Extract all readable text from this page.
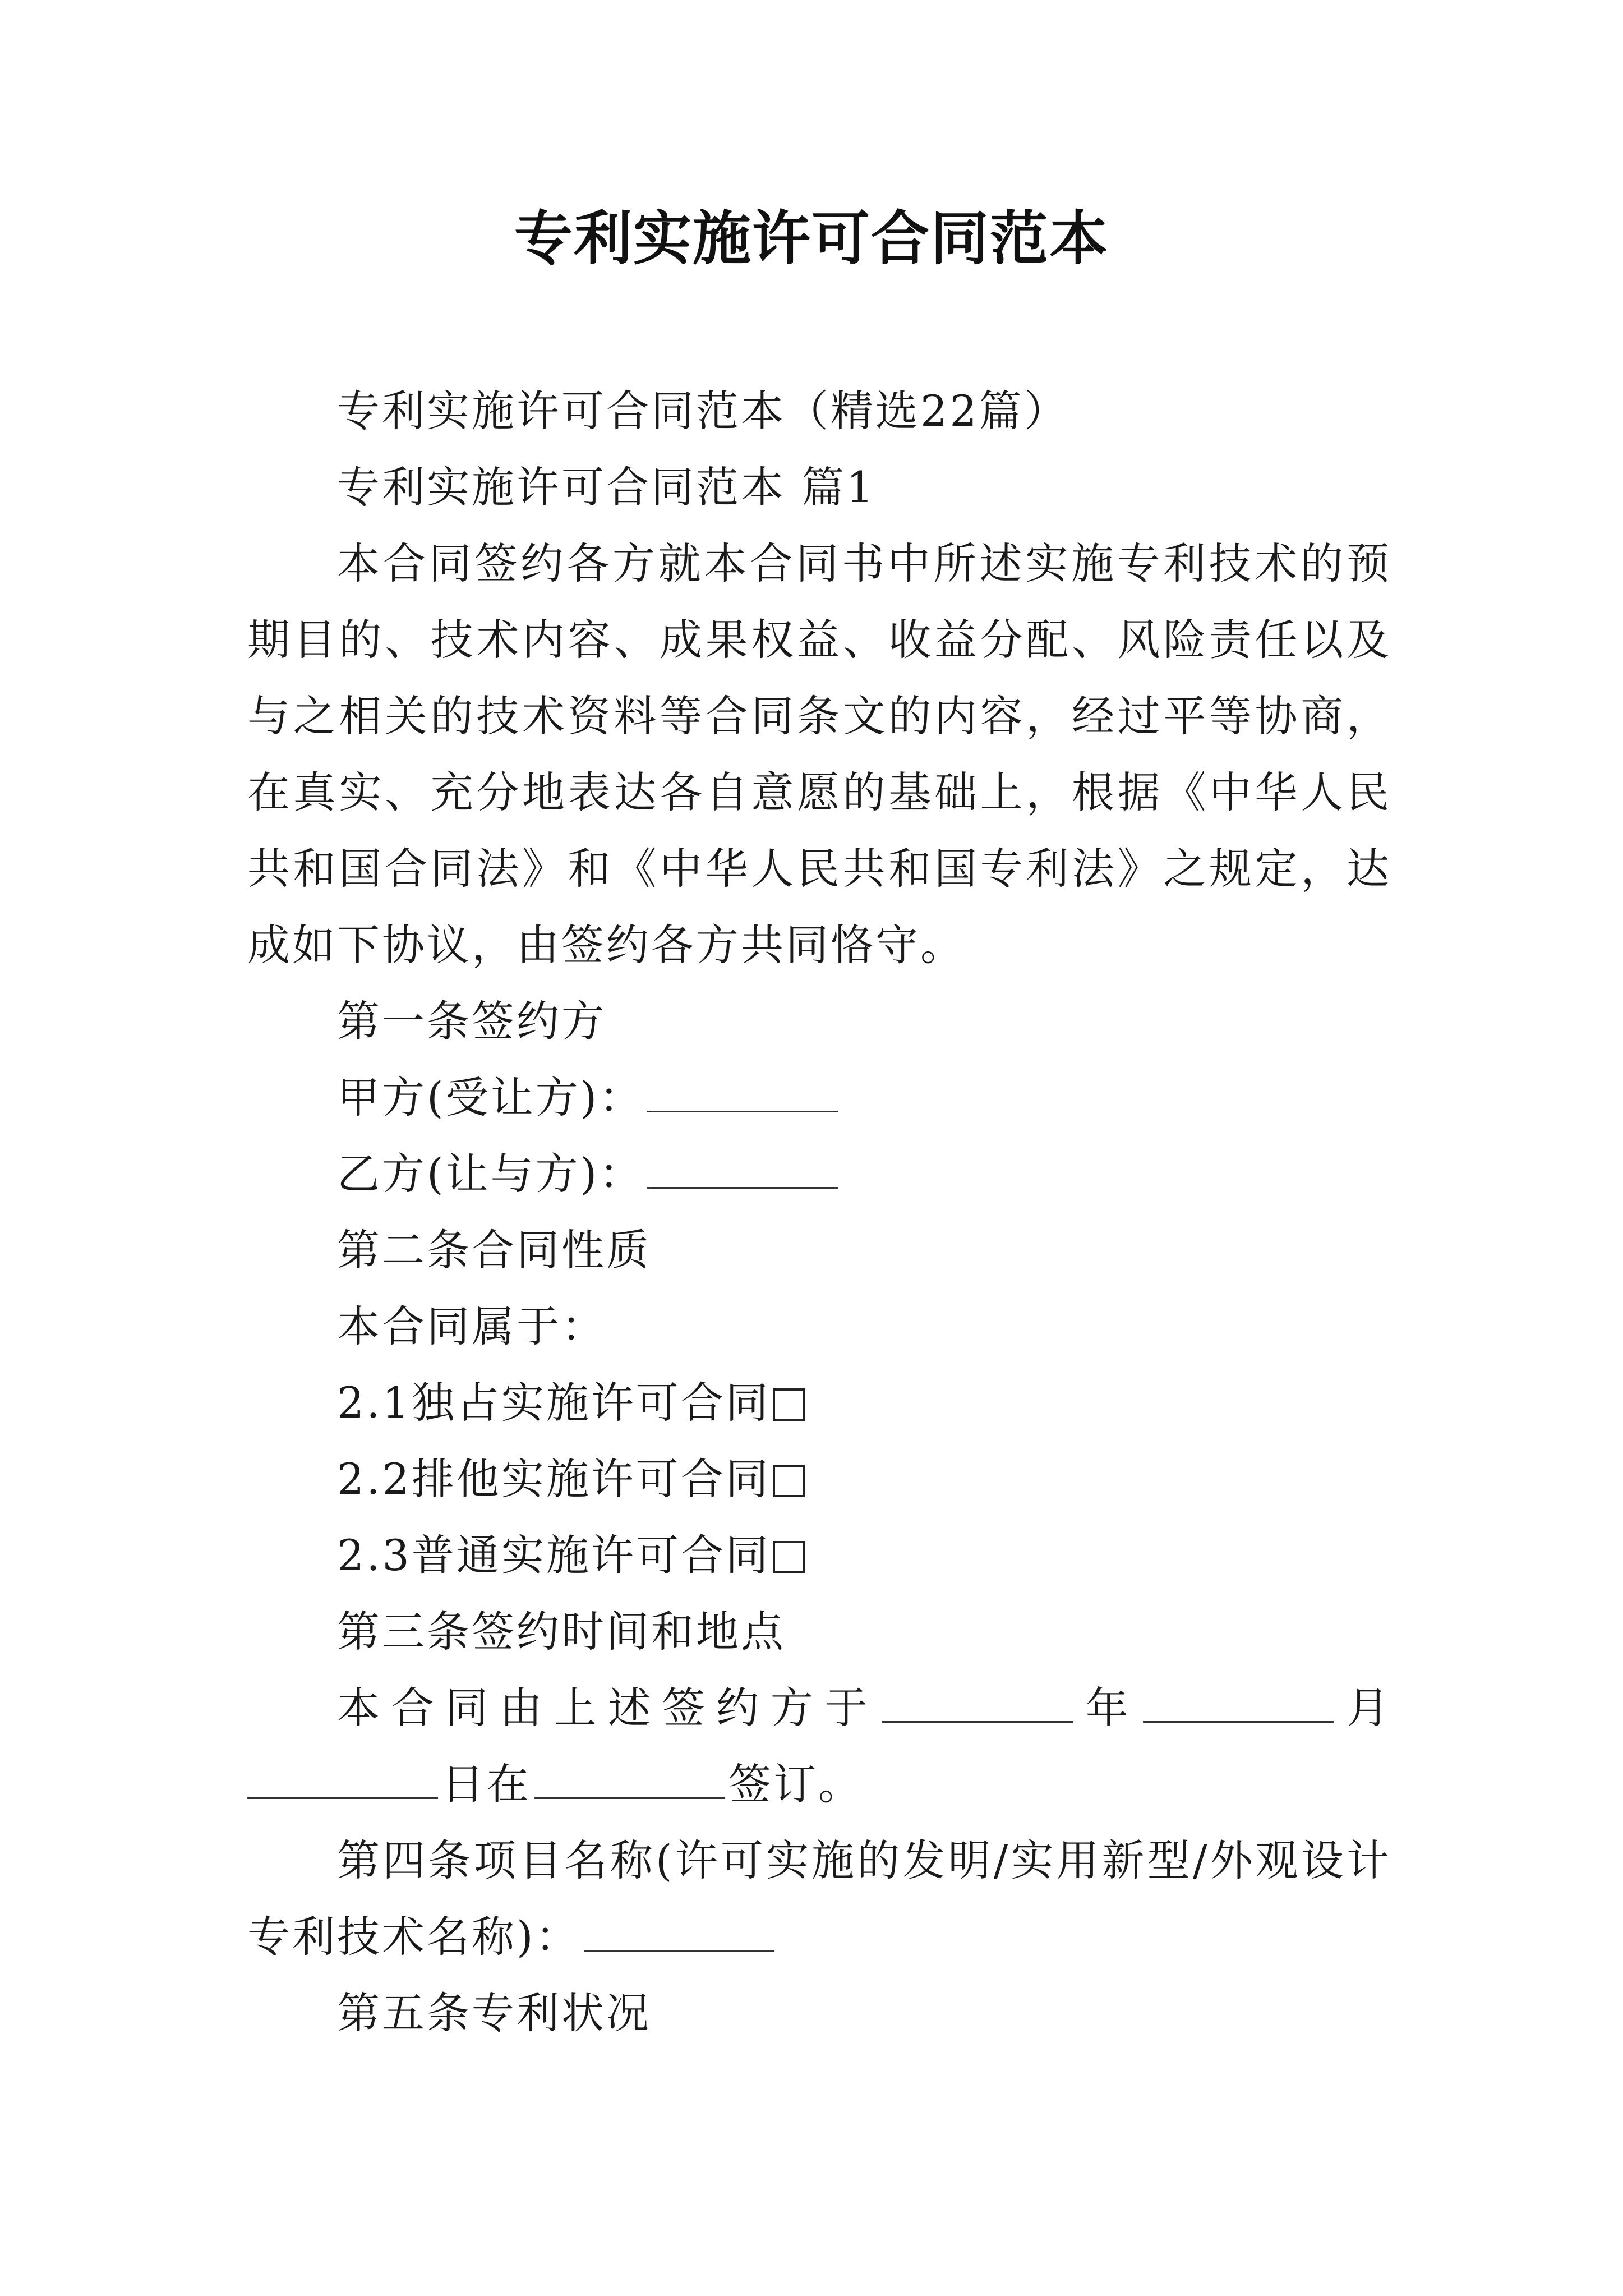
专利实施许可合同范本

专利实施许可合同范本（精选22篇）

专利实施许可合同范本 篇1

本合同签约各方就本合同书中所述实施专利技术的预期目的、技术内容、成果权益、收益分配、风险责任以及与之相关的技术资料等合同条文的内容，经过平等协商，在真实、充分地表达各自意愿的基础上，根据《中华人民共和国合同法》和《中华人民共和国专利法》之规定，达成如下协议，由签约各方共同恪守。

第一条签约方

甲方(受让方)：

乙方(让与方)：

第二条合同性质

本合同属于：

2.1独占实施许可合同

2.2排他实施许可合同

2.3普通实施许可合同

第三条签约时间和地点

本合同由上述签约方于	年	月

日在	签订。

第四条项目名称(许可实施的发明/实用新型/外观设计专利技术名称)：

第五条专利状况
